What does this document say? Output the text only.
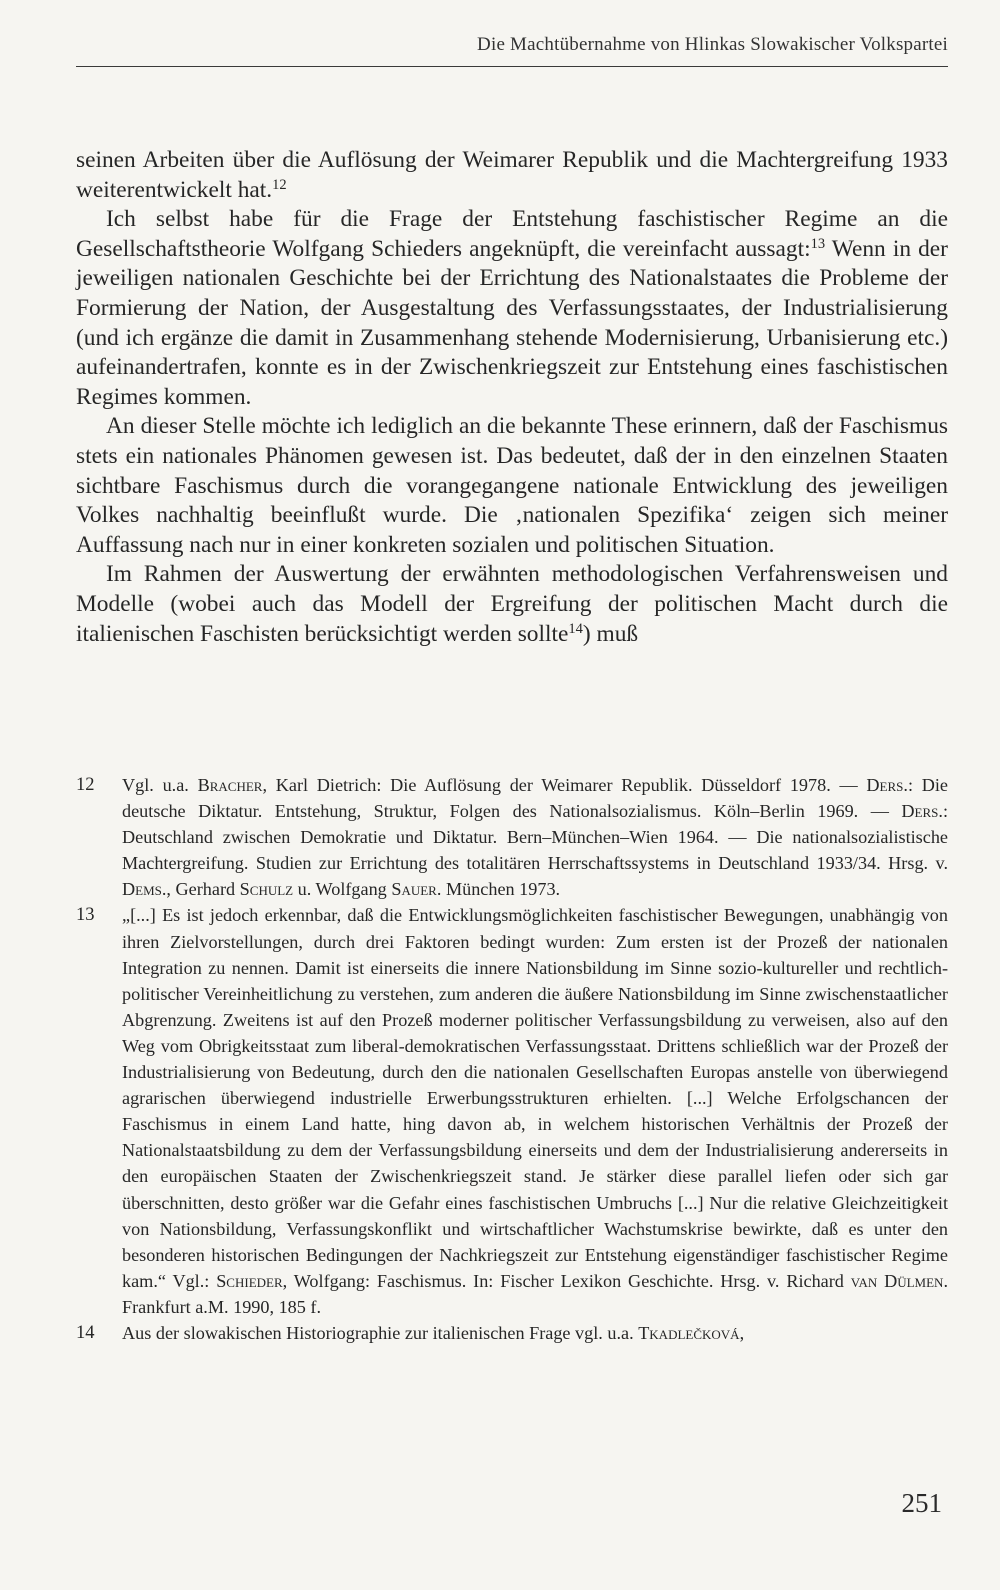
Die Machtübernahme von Hlinkas Slowakischer Volkspartei

seinen Arbeiten über die Auflösung der Weimarer Republik und die Machtergreifung 1933 weiterentwickelt hat.$^{12}$

Ich selbst habe für die Frage der Entstehung faschistischer Regime an die Gesellschaftstheorie Wolfgang Schieders angeknüpft, die vereinfacht aussagt:$^{13}$ Wenn in der jeweiligen nationalen Geschichte bei der Errichtung des Nationalstaates die Probleme der Formierung der Nation, der Ausgestaltung des Verfassungsstaates, der Industrialisierung (und ich ergänze die damit in Zusammenhang stehende Modernisierung, Urbanisierung etc.) aufeinandertrafen, konnte es in der Zwischenkriegszeit zur Entstehung eines faschistischen Regimes kommen.

An dieser Stelle möchte ich lediglich an die bekannte These erinnern, daß der Faschismus stets ein nationales Phänomen gewesen ist. Das bedeutet, daß der in den einzelnen Staaten sichtbare Faschismus durch die vorangegangene nationale Entwicklung des jeweiligen Volkes nachhaltig beeinflußt wurde. Die ‚nationalen Spezifika‘ zeigen sich meiner Auffassung nach nur in einer konkreten sozialen und politischen Situation.

Im Rahmen der Auswertung der erwähnten methodologischen Verfahrensweisen und Modelle (wobei auch das Modell der Ergreifung der politischen Macht durch die italienischen Faschisten berücksichtigt werden sollte$^{14}$) muß

12	Vgl. u.a. Bracher, Karl Dietrich: Die Auflösung der Weimarer Republik. Düsseldorf 1978. — Ders.: Die deutsche Diktatur. Entstehung, Struktur, Folgen des Nationalsozialismus. Köln–Berlin 1969. — Ders.: Deutschland zwischen Demokratie und Diktatur. Bern–München–Wien 1964. — Die nationalsozialistische Machtergreifung. Studien zur Errichtung des totalitären Herrschaftssystems in Deutschland 1933/34. Hrsg. v. Dems., Gerhard Schulz u. Wolfgang Sauer. München 1973.
13	„[...] Es ist jedoch erkennbar, daß die Entwicklungsmöglichkeiten faschistischer Bewegungen, unabhängig von ihren Zielvorstellungen, durch drei Faktoren bedingt wurden: Zum ersten ist der Prozeß der nationalen Integration zu nennen. Damit ist einerseits die innere Nationsbildung im Sinne sozio-kultureller und rechtlich-politischer Vereinheitlichung zu verstehen, zum anderen die äußere Nationsbildung im Sinne zwischenstaatlicher Abgrenzung. Zweitens ist auf den Prozeß moderner politischer Verfassungsbildung zu verweisen, also auf den Weg vom Obrigkeitsstaat zum liberal-demokratischen Verfassungsstaat. Drittens schließlich war der Prozeß der Industrialisierung von Bedeutung, durch den die nationalen Gesellschaften Europas anstelle von überwiegend agrarischen überwiegend industrielle Erwerbungsstrukturen erhielten. [...] Welche Erfolgschancen der Faschismus in einem Land hatte, hing davon ab, in welchem historischen Verhältnis der Prozeß der Nationalstaatsbildung zu dem der Verfassungsbildung einerseits und dem der Industrialisierung andererseits in den europäischen Staaten der Zwischenkriegszeit stand. Je stärker diese parallel liefen oder sich gar überschnitten, desto größer war die Gefahr eines faschistischen Umbruchs [...] Nur die relative Gleichzeitigkeit von Nationsbildung, Verfassungskonflikt und wirtschaftlicher Wachstumskrise bewirkte, daß es unter den besonderen historischen Bedingungen der Nachkriegszeit zur Entstehung eigenständiger faschistischer Regime kam.“ Vgl.: Schieder, Wolfgang: Faschismus. In: Fischer Lexikon Geschichte. Hrsg. v. Richard van Dülmen. Frankfurt a.M. 1990, 185 f.
14	Aus der slowakischen Historiographie zur italienischen Frage vgl. u.a. Tkadlečková,
251
